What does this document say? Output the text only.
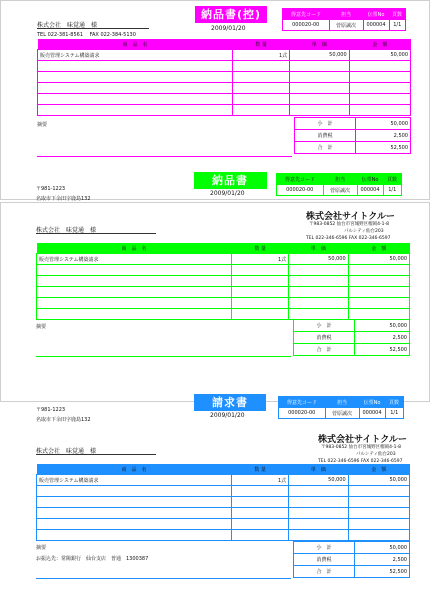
納品書(控)
2009/01/20
株式会社　味覚通　様
TEL 022-381-8561　 FAX 022-384-5130
得意先コード	担当	伝票No	頁数
000020-00	菅原誠次	000004	1/1
商　品　名	数 量	単　価	金　額
販売管理システム構築請求	1式	50,000	50,000

摘要	小　計	50,000
消費税	2,500
合　計	52,500
納品書
2009/01/20
得意先コード	担当	伝票No	頁数
000020-00	菅原誠次	000004	1/1
〒981-1223
名取市下余田字鹿島132
株式会社　味覚通　様
株式会社サイトクルー
〒983-0852 仙台市宮城野区榴岡4-1-8
パルシティ仙台203
TEL 022-346-6596 FAX 022-346-6597
商　品　名	数 量	単　価	金　額
販売管理システム構築請求	1式	50,000	50,000

摘要	小　計	50,000
消費税	2,500
合　計	52,500
請求書
2009/01/20
得意先コード	担当	伝票No	頁数
000020-00	菅原誠次	000004	1/1
〒981-1223
名取市下余田字鹿島132
株式会社　味覚通　様
株式会社サイトクルー
〒983-0852 仙台市宮城野区榴岡4-1-8
パルシティ仙台203
TEL 022-346-6596 FAX 022-346-6597
商　品　名	数 量	単　価	金　額
販売管理システム構築請求	1式	50,000	50,000

摘要
お振込先：常陽銀行　仙台支店　普通　1300387
小　計	50,000
消費税	2,500
合　計	52,500
